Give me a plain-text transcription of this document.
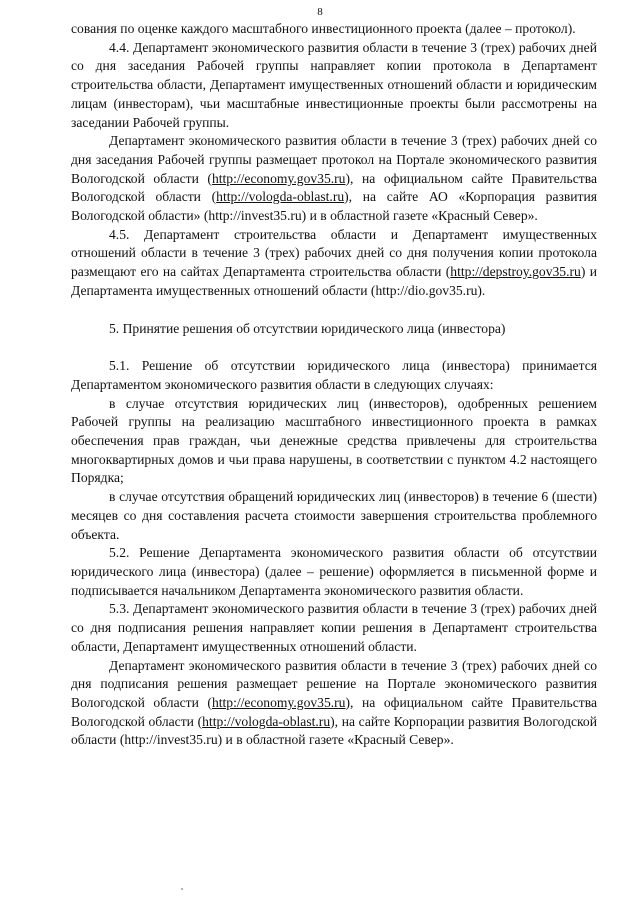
8

сования по оценке каждого масштабного инвестиционного проекта (далее – протокол).

4.4. Департамент экономического развития области в течение 3 (трех) рабочих дней со дня заседания Рабочей группы направляет копии протокола в Департамент строительства области, Департамент имущественных отношений области и юридическим лицам (инвесторам), чьи масштабные инвестиционные проекты были рассмотрены на заседании Рабочей группы.

Департамент экономического развития области в течение 3 (трех) рабочих дней со дня заседания Рабочей группы размещает протокол на Портале экономического развития Вологодской области (http://economy.gov35.ru), на официальном сайте Правительства Вологодской области (http://vologda-oblast.ru), на сайте АО «Корпорация развития Вологодской области» (http://invest35.ru) и в областной газете «Красный Север».

4.5. Департамент строительства области и Департамент имущественных отношений области в течение 3 (трех) рабочих дней со дня получения копии протокола размещают его на сайтах Департамента строительства области (http://depstroy.gov35.ru) и Департамента имущественных отношений области (http://dio.gov35.ru).

5. Принятие решения об отсутствии юридического лица (инвестора)

5.1. Решение об отсутствии юридического лица (инвестора) принимается Департаментом экономического развития области в следующих случаях:

в случае отсутствия юридических лиц (инвесторов), одобренных решением Рабочей группы на реализацию масштабного инвестиционного проекта в рамках обеспечения прав граждан, чьи денежные средства привлечены для строительства многоквартирных домов и чьи права нарушены, в соответствии с пунктом 4.2 настоящего Порядка;

в случае отсутствия обращений юридических лиц (инвесторов) в течение 6 (шести) месяцев со дня составления расчета стоимости завершения строительства проблемного объекта.

5.2. Решение Департамента экономического развития области об отсутствии юридического лица (инвестора) (далее – решение) оформляется в письменной форме и подписывается начальником Департамента экономического развития области.

5.3. Департамент экономического развития области в течение 3 (трех) рабочих дней со дня подписания решения направляет копии решения в Департамент строительства области, Департамент имущественных отношений области.

Департамент экономического развития области в течение 3 (трех) рабочих дней со дня подписания решения размещает решение на Портале экономического развития Вологодской области (http://economy.gov35.ru), на официальном сайте Правительства Вологодской области (http://vologda-oblast.ru), на сайте Корпорации развития Вологодской области (http://invest35.ru) и в областной газете «Красный Север».
